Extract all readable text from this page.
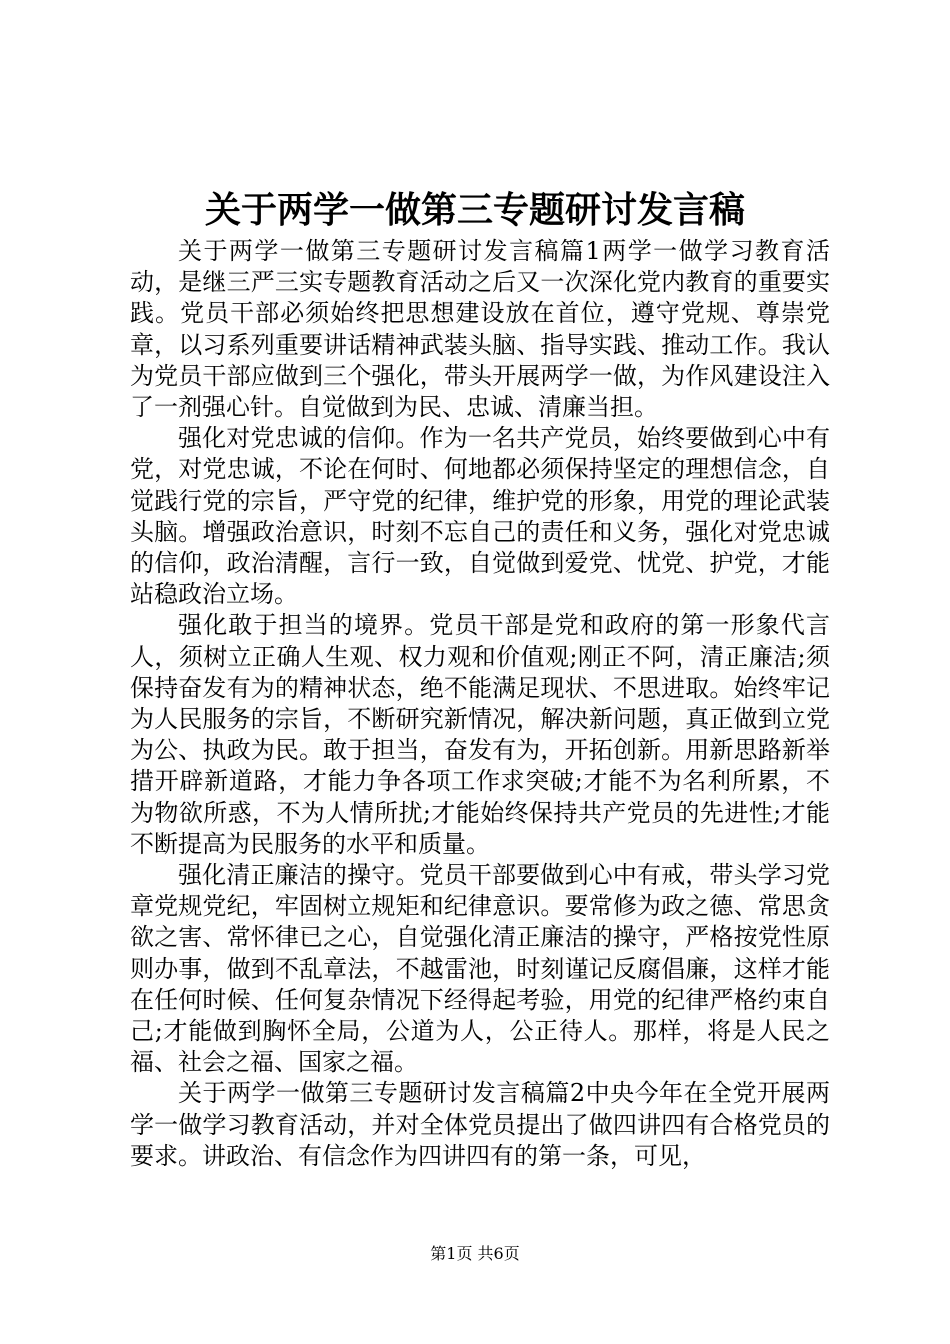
关于两学一做第三专题研讨发言稿

关于两学一做第三专题研讨发言稿篇1两学一做学习教育活动，是继三严三实专题教育活动之后又一次深化党内教育的重要实践。党员干部必须始终把思想建设放在首位，遵守党规、尊崇党章，以习系列重要讲话精神武装头脑、指导实践、推动工作。我认为党员干部应做到三个强化，带头开展两学一做，为作风建设注入了一剂强心针。自觉做到为民、忠诚、清廉当担。

强化对党忠诚的信仰。作为一名共产党员，始终要做到心中有党，对党忠诚，不论在何时、何地都必须保持坚定的理想信念，自觉践行党的宗旨，严守党的纪律，维护党的形象，用党的理论武装头脑。增强政治意识，时刻不忘自己的责任和义务，强化对党忠诚的信仰，政治清醒，言行一致，自觉做到爱党、忧党、护党，才能站稳政治立场。

强化敢于担当的境界。党员干部是党和政府的第一形象代言人，须树立正确人生观、权力观和价值观;刚正不阿，清正廉洁;须保持奋发有为的精神状态，绝不能满足现状、不思进取。始终牢记为人民服务的宗旨，不断研究新情况，解决新问题，真正做到立党为公、执政为民。敢于担当，奋发有为，开拓创新。用新思路新举措开辟新道路，才能力争各项工作求突破;才能不为名利所累，不为物欲所惑，不为人情所扰;才能始终保持共产党员的先进性;才能不断提高为民服务的水平和质量。

强化清正廉洁的操守。党员干部要做到心中有戒，带头学习党章党规党纪，牢固树立规矩和纪律意识。要常修为政之德、常思贪欲之害、常怀律已之心，自觉强化清正廉洁的操守，严格按党性原则办事，做到不乱章法，不越雷池，时刻谨记反腐倡廉，这样才能在任何时候、任何复杂情况下经得起考验，用党的纪律严格约束自己;才能做到胸怀全局，公道为人，公正待人。那样，将是人民之福、社会之福、国家之福。

关于两学一做第三专题研讨发言稿篇2中央今年在全党开展两学一做学习教育活动，并对全体党员提出了做四讲四有合格党员的要求。讲政治、有信念作为四讲四有的第一条，可见，

第1页 共6页
